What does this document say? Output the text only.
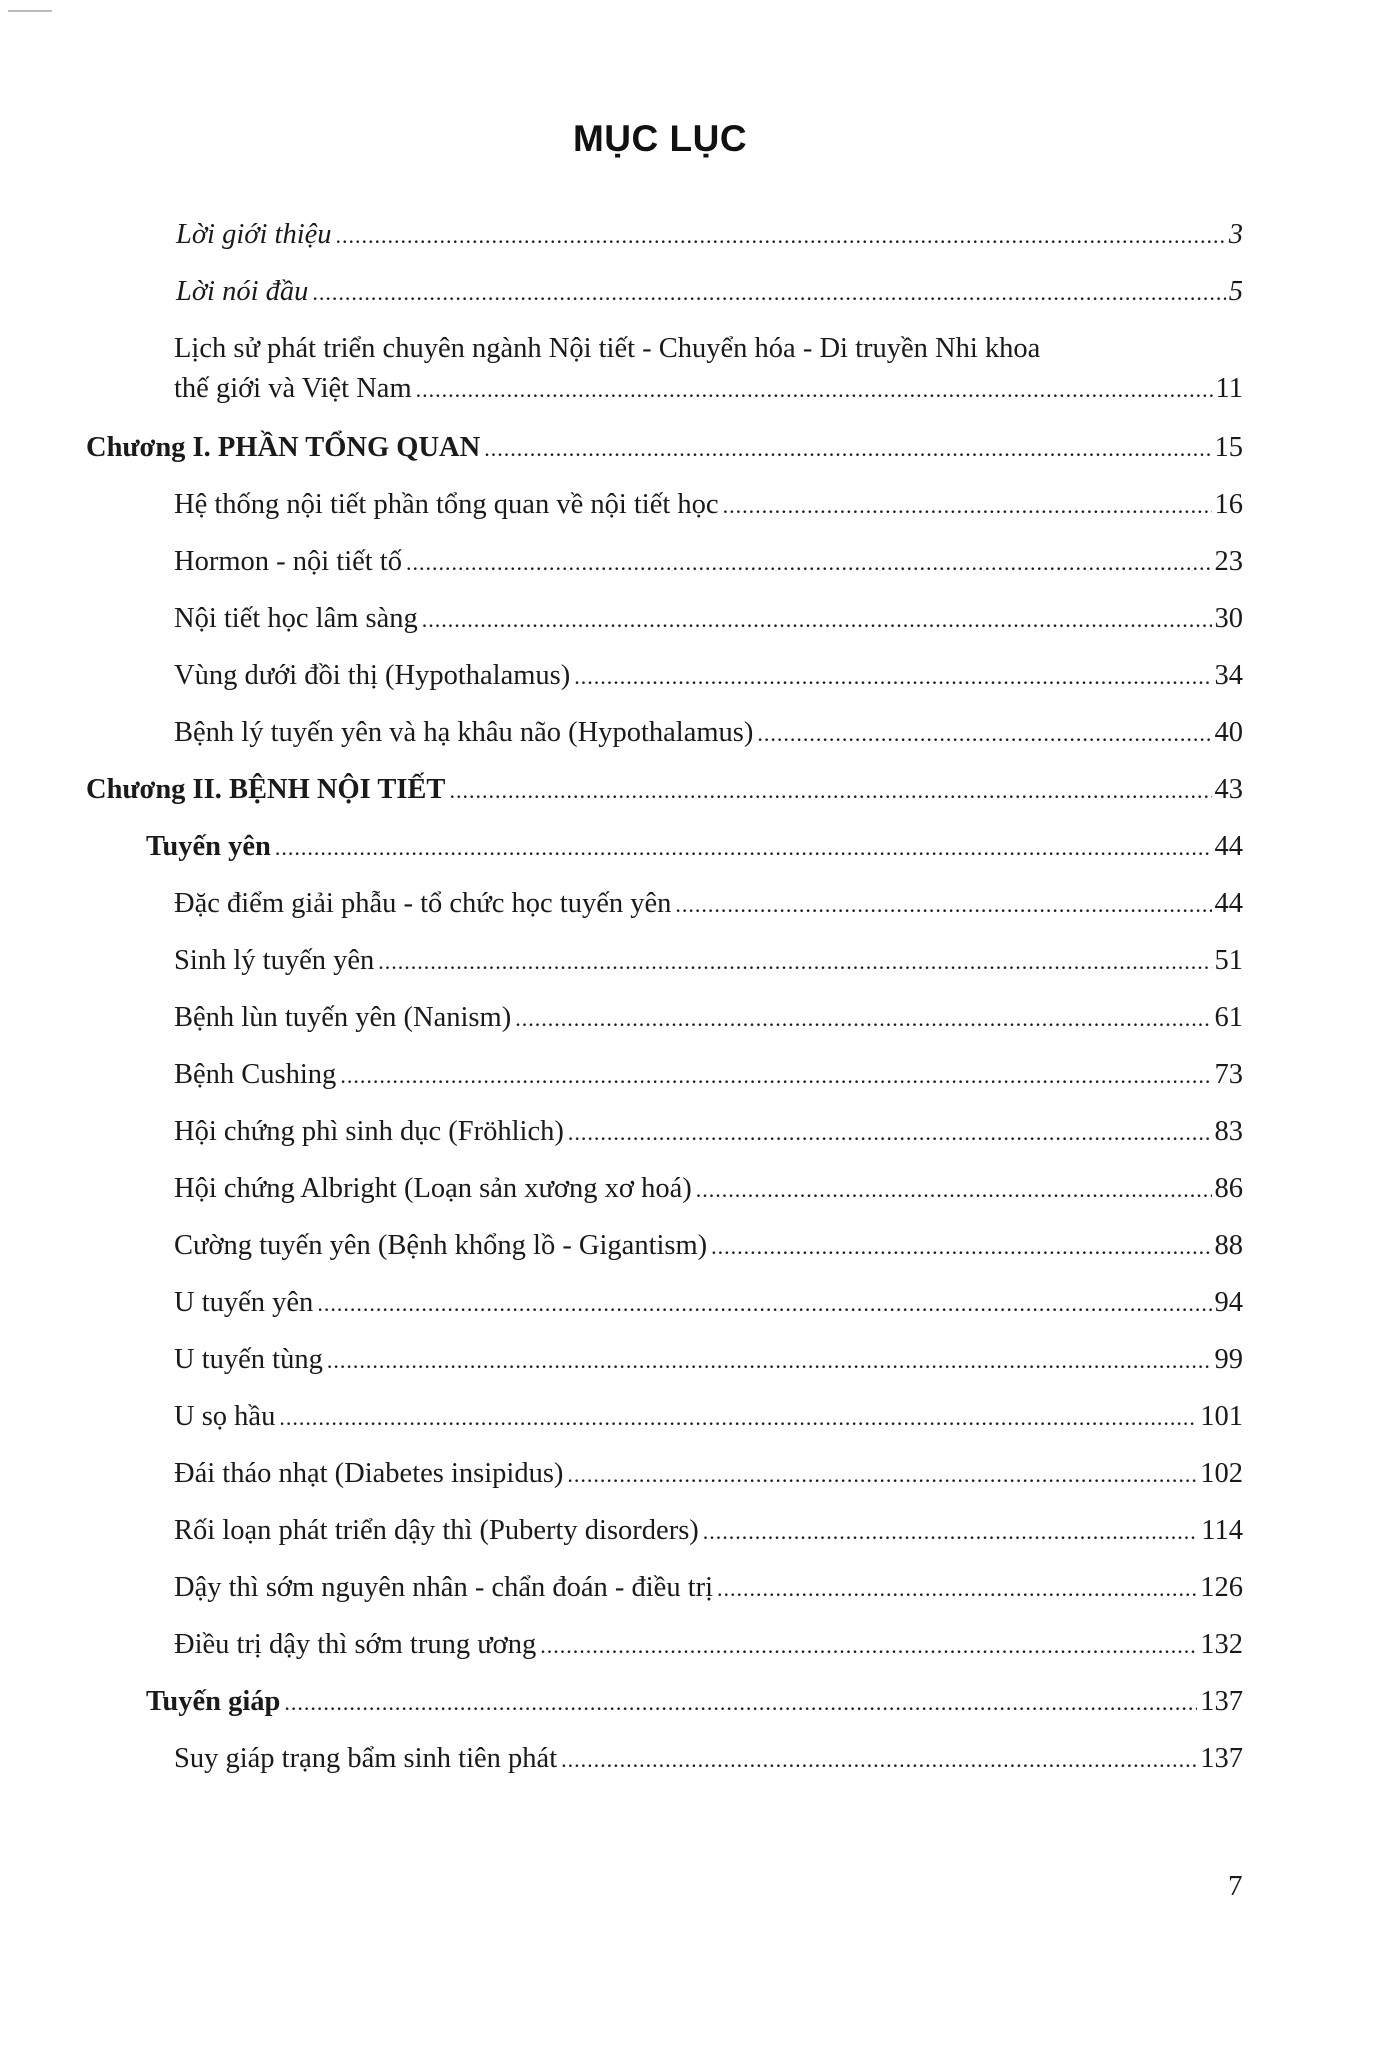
MỤC LỤC
Lời giới thiệu .....	3
Lời nói đầu .....	5
Lịch sử phát triển chuyên ngành Nội tiết - Chuyển hóa - Di truyền Nhi khoa
thế giới và Việt Nam .....	11
Chương I. PHẦN TỔNG QUAN .....	15
Hệ thống nội tiết phần tổng quan về nội tiết học .....	16
Hormon - nội tiết tố .....	23
Nội tiết học lâm sàng .....	30
Vùng dưới đồi thị (Hypothalamus) .....	34
Bệnh lý tuyến yên và hạ khâu não (Hypothalamus) .....	40
Chương II. BỆNH NỘI TIẾT .....	43
Tuyến yên .....	44
Đặc điểm giải phẫu - tổ chức học tuyến yên .....	44
Sinh lý tuyến yên .....	51
Bệnh lùn tuyến yên (Nanism) .....	61
Bệnh Cushing .....	73
Hội chứng phì sinh dục (Fröhlich) .....	83
Hội chứng Albright (Loạn sản xương xơ hoá) .....	86
Cường tuyến yên (Bệnh khổng lồ - Gigantism) .....	88
U tuyến yên .....	94
U tuyến tùng .....	99
U sọ hầu .....	101
Đái tháo nhạt (Diabetes insipidus) .....	102
Rối loạn phát triển dậy thì (Puberty disorders) .....	114
Dậy thì sớm nguyên nhân - chẩn đoán - điều trị .....	126
Điều trị dậy thì sớm trung ương .....	132
Tuyến giáp .....	137
Suy giáp trạng bẩm sinh tiên phát .....	137
7
